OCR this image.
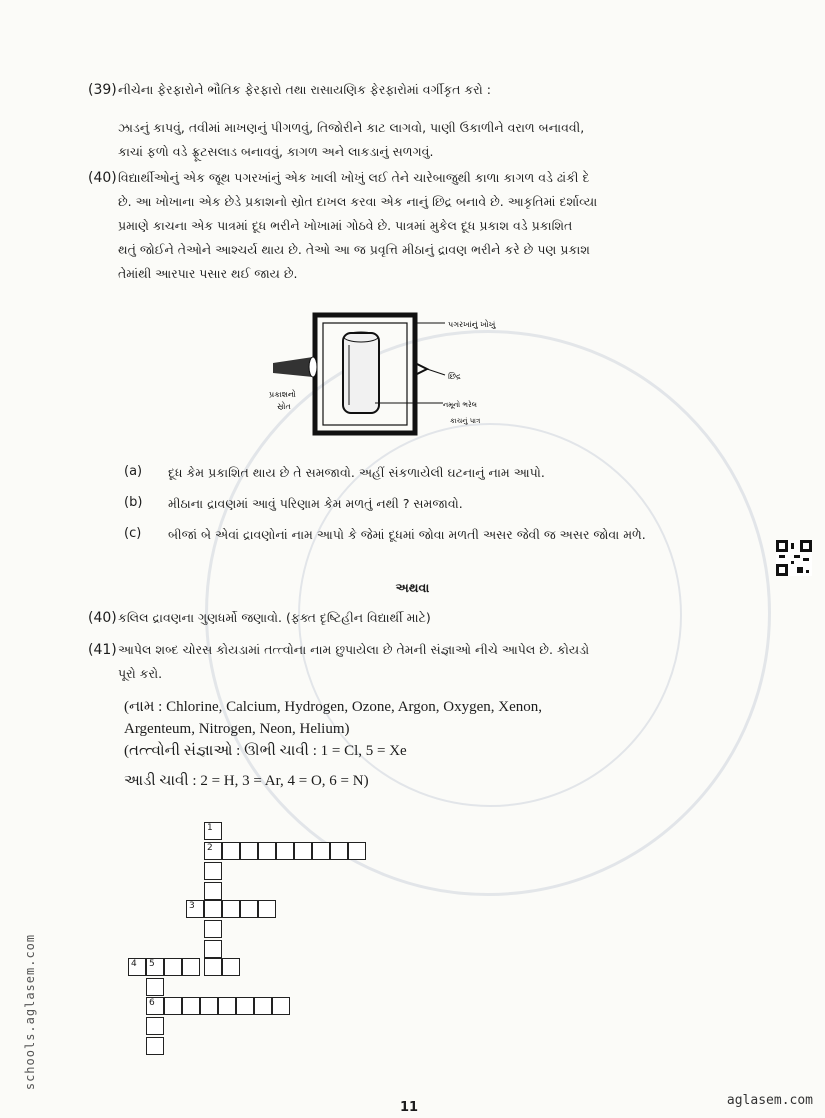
(39) નીચેના ફેરફારોને ભૌતિક ફેરફારો તથા રાસાયણિક ફેરફારોમાં વર્ગીકૃત કરો :
ઝાડનું કાપવું, તવીમાં માખણનું પીગળવું, તિજોરીને કાટ લાગવો, પાણી ઉકાળીને વરાળ બનાવવી,
કાચાં ફળો વડે ફ્રૂટસલાડ બનાવવું, કાગળ અને લાકડાનું સળગવું.
(40) વિદ્યાર્થીઓનું એક જૂથ પગરખાંનું એક ખાલી ખોખું લઈ તેને ચારેબાજુથી કાળા કાગળ વડે ઢાંકી દે
છે. આ ખોખાના એક છેડે પ્રકાશનો સ્રોત દાખલ કરવા એક નાનું છિદ્ર બનાવે છે. આકૃતિમાં દર્શાવ્યા
પ્રમાણે કાચના એક પાત્રમાં દૂધ ભરીને ખોખામાં ગોઠવે છે. પાત્રમાં મુકેલ દૂધ પ્રકાશ વડે પ્રકાશિત
થતું જોઈને તેઓને આશ્ચર્ય થાય છે. તેઓ આ જ પ્રવૃત્તિ મીઠાનું દ્રાવણ ભરીને કરે છે પણ પ્રકાશ
તેમાંથી આરપાર પસાર થઈ જાય છે.
પગરખાંનું ખોખું
છિદ્ર
નમૂનો ભરેલ
કાચનું પાત્ર
પ્રકાશનો
સ્રોત
(a) દૂધ કેમ પ્રકાશિત થાય છે તે સમજાવો. અહીં સંકળાયેલી ઘટનાનું નામ આપો.
(b) મીઠાના દ્રાવણમાં આવું પરિણામ કેમ મળતું નથી ? સમજાવો.
(c) બીજાં બે એવાં દ્રાવણોનાં નામ આપો કે જેમાં દૂધમાં જોવા મળતી અસર જેવી જ અસર જોવા મળે.
અથવા
(40) કલિલ દ્રાવણના ગુણધર્મો જણાવો. (ફક્ત દૃષ્ટિહીન વિદ્યાર્થી માટે)
(41) આપેલ શબ્દ ચોરસ કોયડામાં તત્ત્વોના નામ છુપાયેલા છે તેમની સંજ્ઞાઓ નીચે આપેલ છે. કોયડો
પૂરો કરો.
(નામ : Chlorine, Calcium, Hydrogen, Ozone, Argon, Oxygen, Xenon,
Argenteum, Nitrogen, Neon, Helium)
(તત્ત્વોની સંજ્ઞાઓ : ઊભી ચાવી : 1 = Cl, 5 = Xe
આડી ચાવી : 2 = H, 3 = Ar, 4 = O, 6 = N)
1
2
3
4	5
6
schools.aglasem.com
11	aglasem.com
